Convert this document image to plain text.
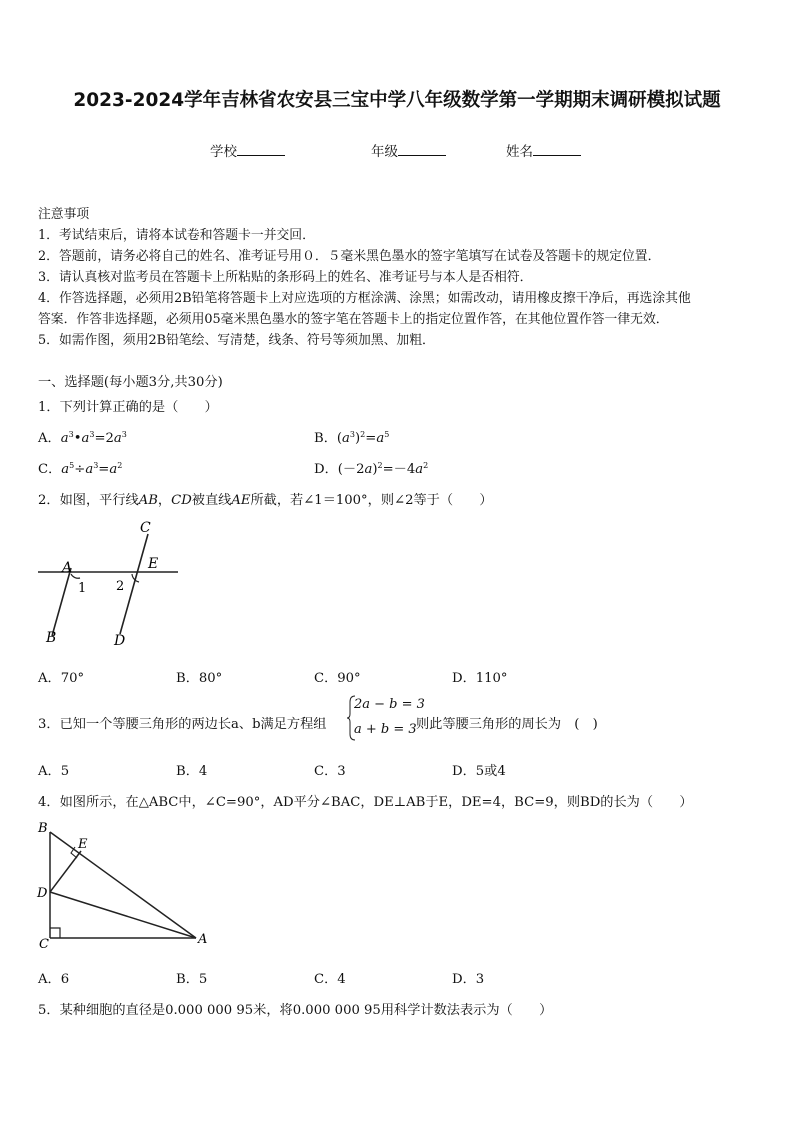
2023-2024学年吉林省农安县三宝中学八年级数学第一学期期末调研模拟试题
学校	年级	姓名
注意事项
1．考试结束后，请将本试卷和答题卡一并交回．
2．答题前，请务必将自己的姓名、准考证号用０．５毫米黑色墨水的签字笔填写在试卷及答题卡的规定位置．
3．请认真核对监考员在答题卡上所粘贴的条形码上的姓名、准考证号与本人是否相符．
4．作答选择题，必须用2B铅笔将答题卡上对应选项的方框涂满、涂黑；如需改动，请用橡皮擦干净后，再选涂其他
答案．作答非选择题，必须用05毫米黑色墨水的签字笔在答题卡上的指定位置作答，在其他位置作答一律无效．
5．如需作图，须用2B铅笔绘、写清楚，线条、符号等须加黑、加粗．
一、选择题(每小题3分,共30分)
1．下列计算正确的是（　　）
A．$a^3•a^3=2a^3$	B．$(a^3)^2=a^5$
C．$a^5\div a^3=a^2$	D．$(-2a)^2=-4a^2$
2．如图，平行线AB，CD被直线AE所截，若∠1＝100°，则∠2等于（　　）
A
1 2
C
E
B	D
A．70°	B．80°	C．90°	D．110°
3．已知一个等腰三角形的两边长a、b满足方程组
2a − b = 3
a + b = 3 则此等腰三角形的周长为　(　)
A．5	B．4	C．3	D．5或4
4．如图所示，在△ABC中，∠C=90°，AD平分∠BAC，DE⊥AB于E，DE=4，BC=9，则BD的长为（　　）
B
E
D
C	A
A．6	B．5	C．4	D．3
5．某种细胞的直径是0.000 000 95米，将0.000 000 95用科学计数法表示为（　　）
